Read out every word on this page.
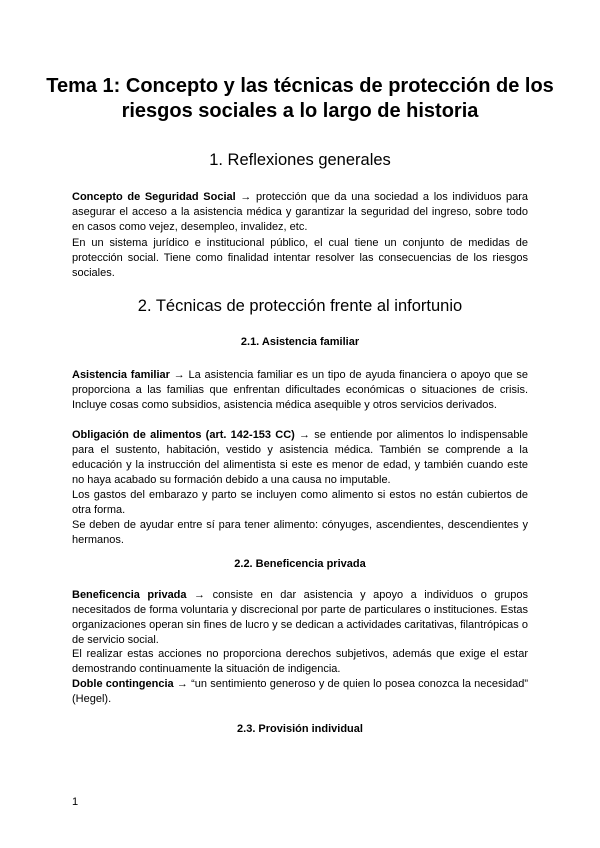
Tema 1: Concepto y las técnicas de protección de los riesgos sociales a lo largo de historia
1. Reflexiones generales

Concepto de Seguridad Social → protección que da una sociedad a los individuos para asegurar el acceso a la asistencia médica y garantizar la seguridad del ingreso, sobre todo en casos como vejez, desempleo, invalidez, etc.

En un sistema jurídico e institucional público, el cual tiene un conjunto de medidas de protección social. Tiene como finalidad intentar resolver las consecuencias de los riesgos sociales.

2. Técnicas de protección frente al infortunio
2.1. Asistencia familiar

Asistencia familiar → La asistencia familiar es un tipo de ayuda financiera o apoyo que se proporciona a las familias que enfrentan dificultades económicas o situaciones de crisis. Incluye cosas como subsidios, asistencia médica asequible y otros servicios derivados.

Obligación de alimentos (art. 142-153 CC) → se entiende por alimentos lo indispensable para el sustento, habitación, vestido y asistencia médica. También se comprende a la educación y la instrucción del alimentista si este es menor de edad, y también cuando este no haya acabado su formación debido a una causa no imputable.

Los gastos del embarazo y parto se incluyen como alimento si estos no están cubiertos de otra forma.

Se deben de ayudar entre sí para tener alimento: cónyuges, ascendientes, descendientes y hermanos.

2.2. Beneficencia privada

Beneficencia privada → consiste en dar asistencia y apoyo a individuos o grupos necesitados de forma voluntaria y discrecional por parte de particulares o instituciones. Estas organizaciones operan sin fines de lucro y se dedican a actividades caritativas, filantrópicas o de servicio social.

El realizar estas acciones no proporciona derechos subjetivos, además que exige el estar demostrando continuamente la situación de indigencia.

Doble contingencia → “un sentimiento generoso y de quien lo posea conozca la necesidad” (Hegel).

2.3. Provisión individual
1
